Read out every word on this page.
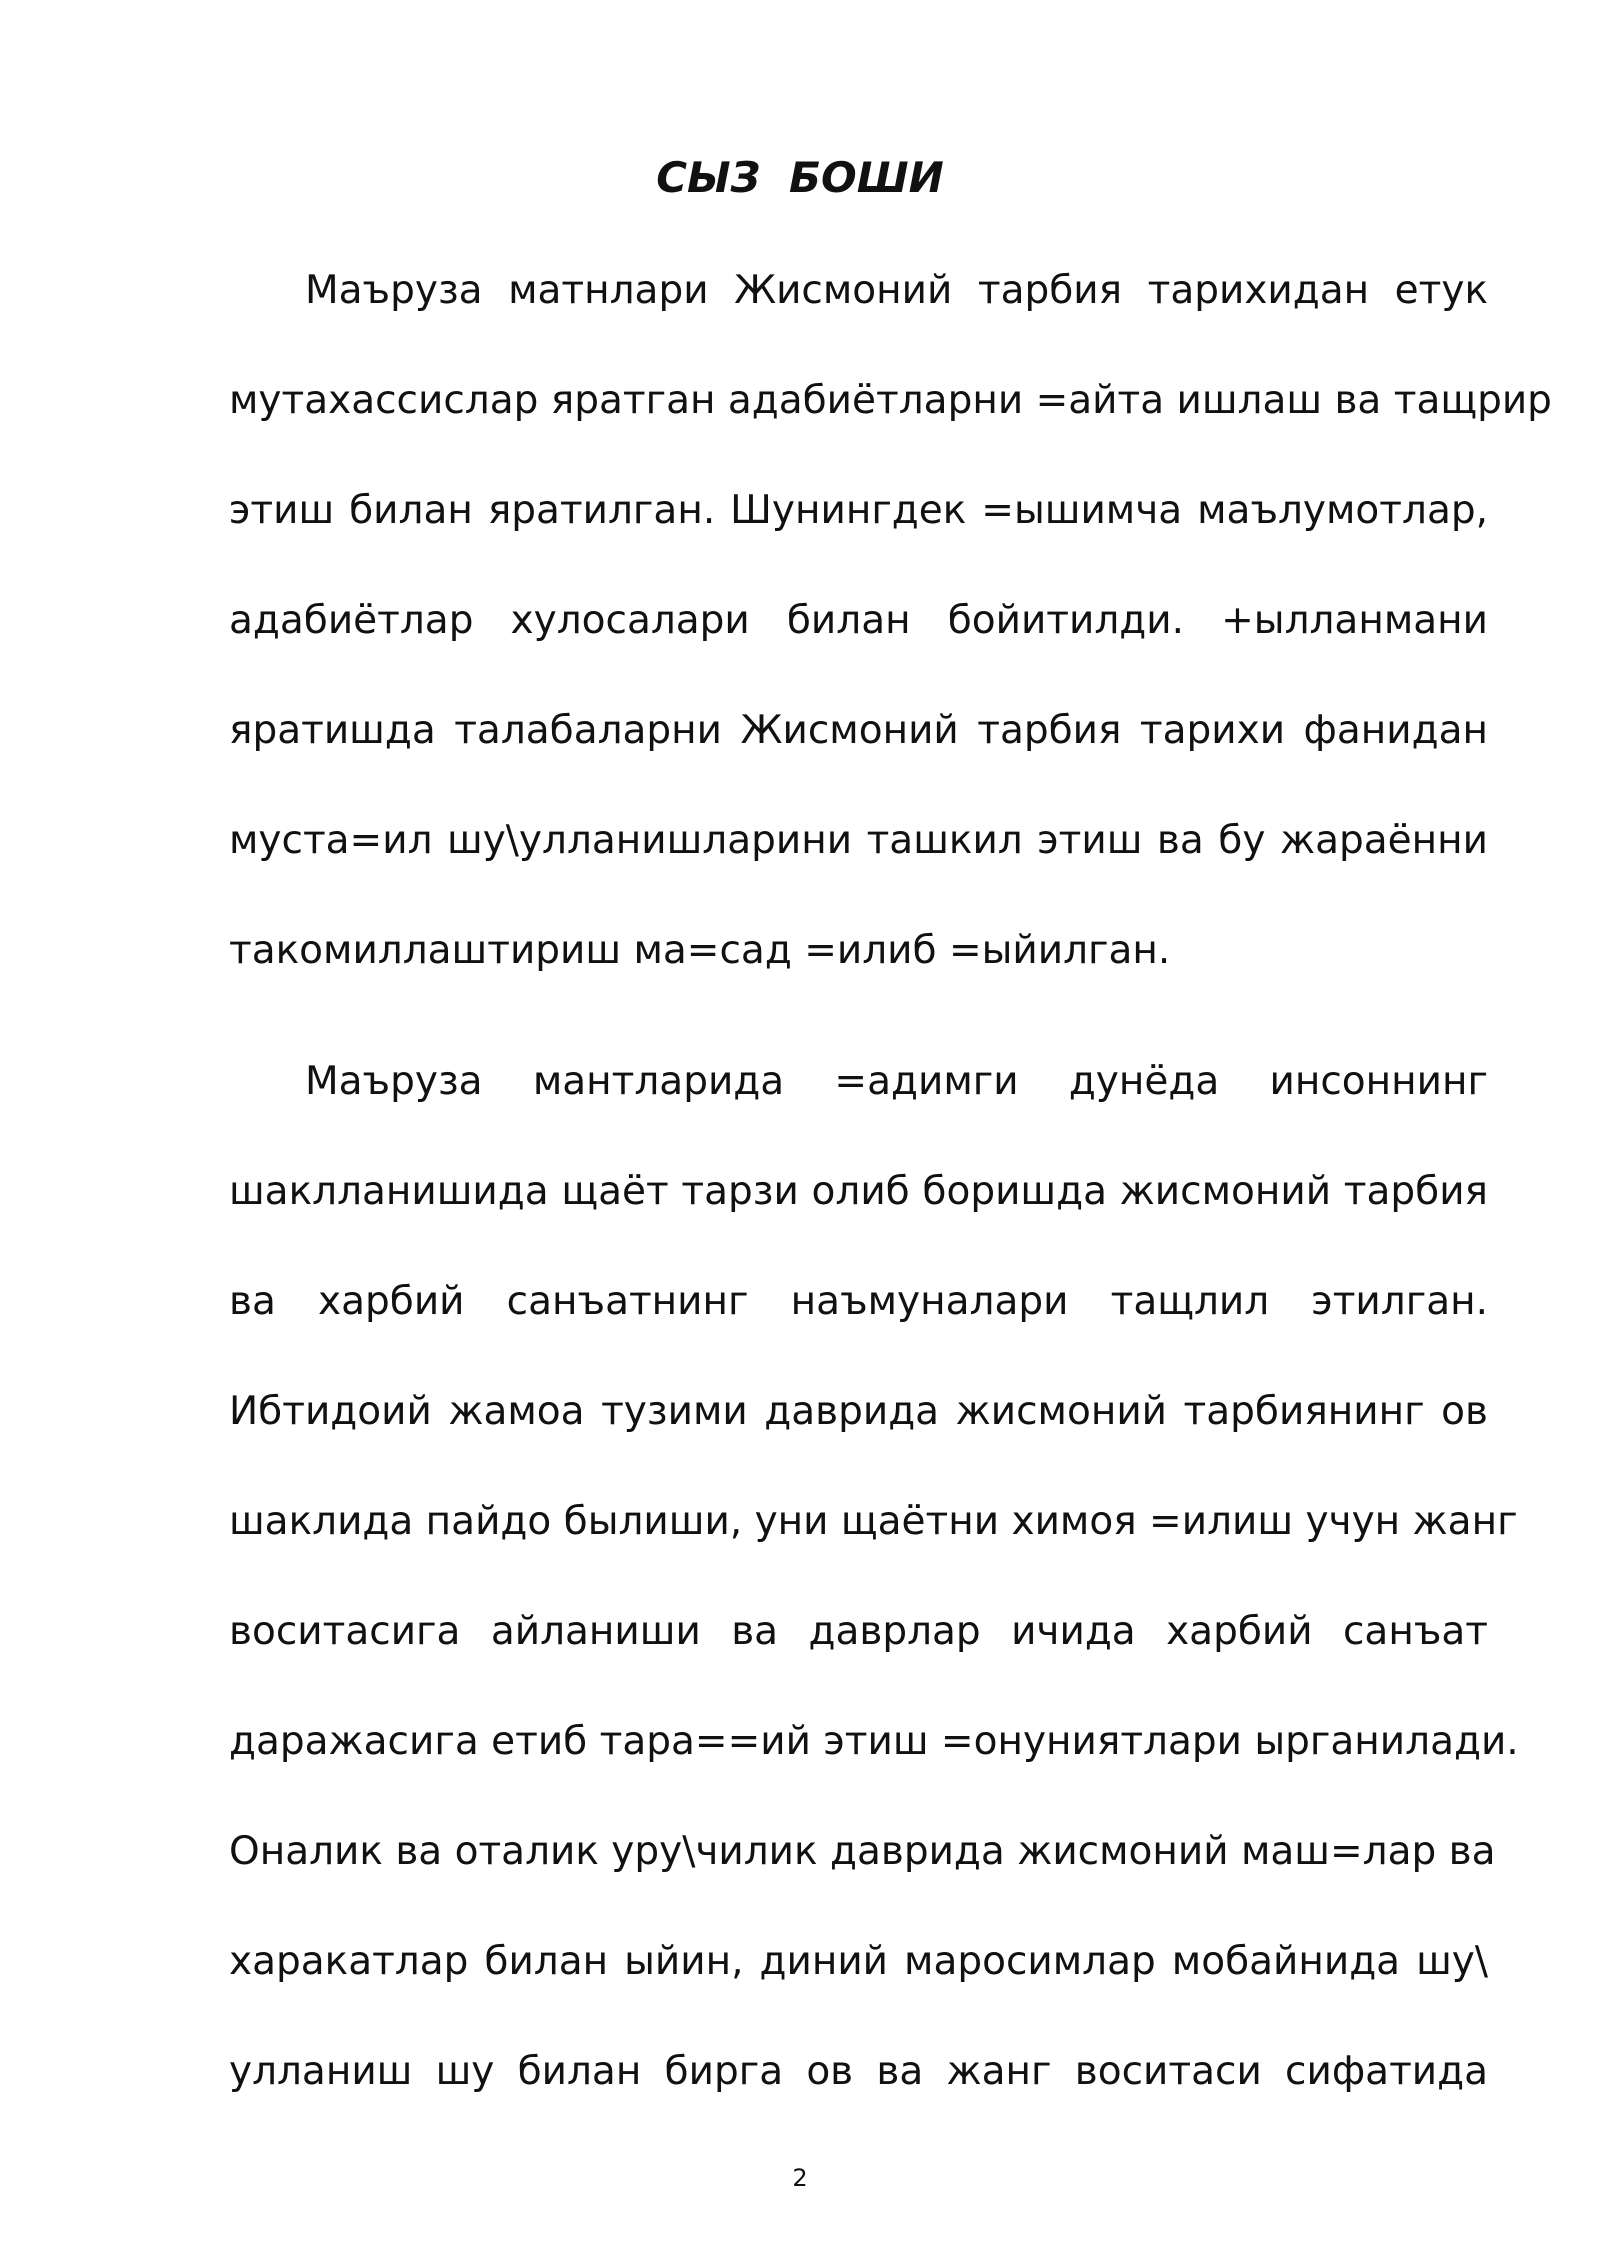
СЫЗ БОШИ
Маъруза матнлари Жисмоний тарбия тарихидан етук
мутахассислар яратган адабиётларни =айта ишлаш ва тащрир
этиш билан яратилган. Шунингдек =ышимча маълумотлар,
адабиётлар хулосалари билан бойитилди. +ылланмани
яратишда талабаларни Жисмоний тарбия тарихи фанидан
муста=ил шу\улланишларини ташкил этиш ва бу жараённи
такомиллаштириш ма=сад =илиб =ыйилган.
Маъруза мантларида =адимги дунёда инсоннинг
шаклланишида щаёт тарзи олиб боришда жисмоний тарбия
ва харбий санъатнинг наъмуналари тащлил этилган.
Ибтидоий жамоа тузими даврида жисмоний тарбиянинг ов
шаклида пайдо былиши, уни щаётни химоя =илиш учун жанг
воситасига айланиши ва даврлар ичида харбий санъат
даражасига етиб тара==ий этиш =онуниятлари ырганилади.
Оналик ва оталик уру\чилик даврида жисмоний маш=лар ва
харакатлар билан ыйин, диний маросимлар мобайнида шу\
улланиш шу билан бирга ов ва жанг воситаси сифатида
2
